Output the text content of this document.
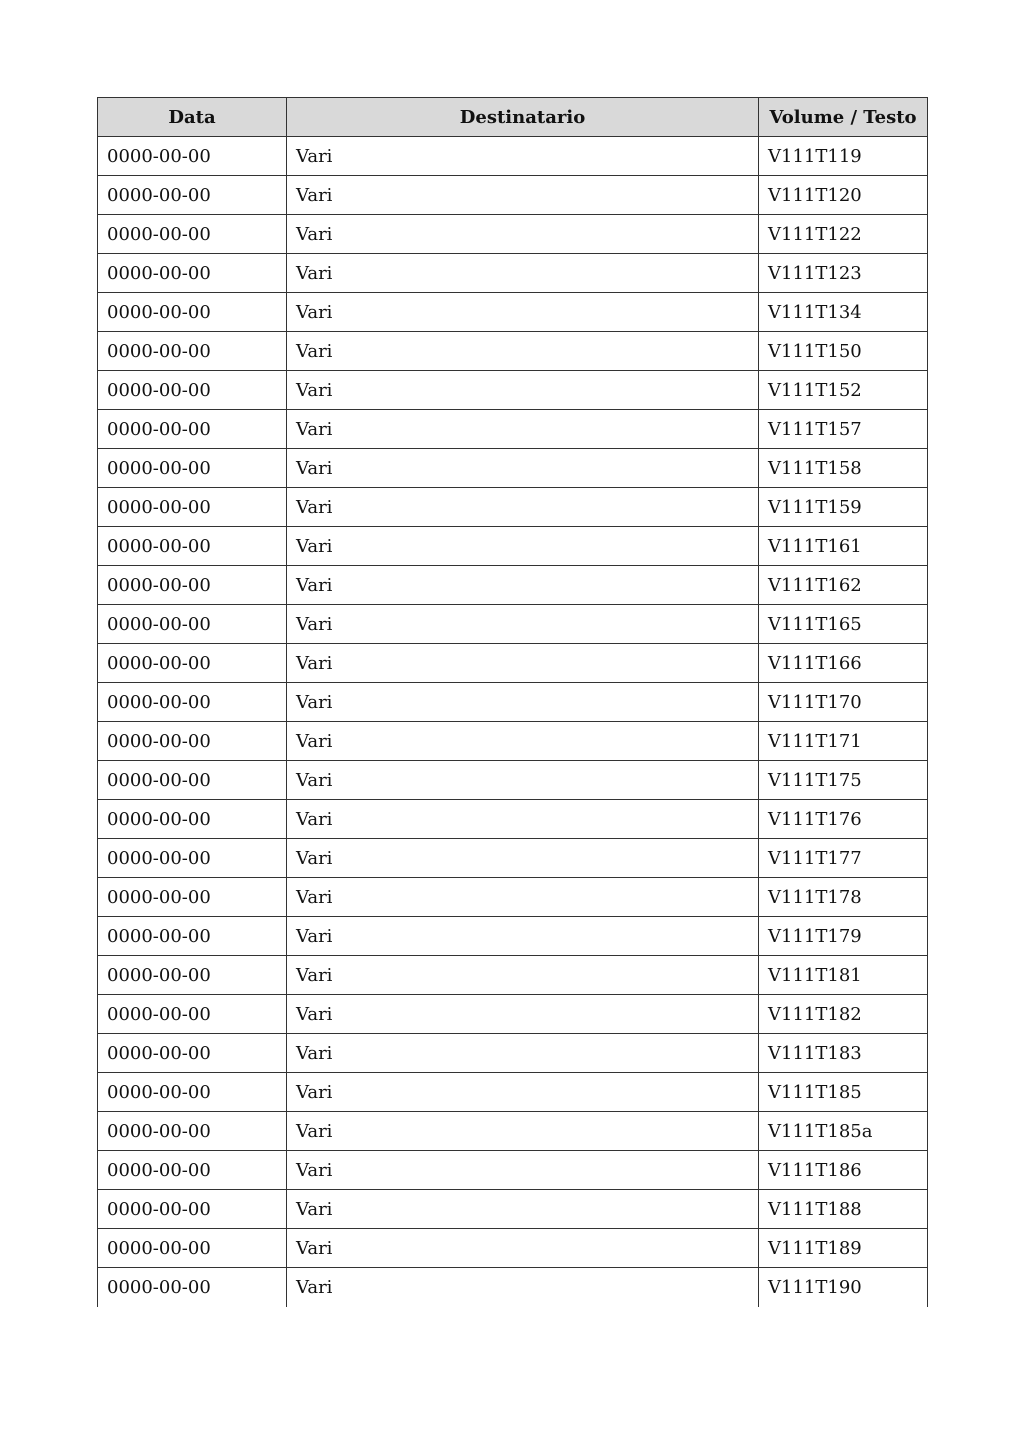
Data	Destinatario	Volume / Testo
0000-00-00	Vari	V111T119
0000-00-00	Vari	V111T120
0000-00-00	Vari	V111T122
0000-00-00	Vari	V111T123
0000-00-00	Vari	V111T134
0000-00-00	Vari	V111T150
0000-00-00	Vari	V111T152
0000-00-00	Vari	V111T157
0000-00-00	Vari	V111T158
0000-00-00	Vari	V111T159
0000-00-00	Vari	V111T161
0000-00-00	Vari	V111T162
0000-00-00	Vari	V111T165
0000-00-00	Vari	V111T166
0000-00-00	Vari	V111T170
0000-00-00	Vari	V111T171
0000-00-00	Vari	V111T175
0000-00-00	Vari	V111T176
0000-00-00	Vari	V111T177
0000-00-00	Vari	V111T178
0000-00-00	Vari	V111T179
0000-00-00	Vari	V111T181
0000-00-00	Vari	V111T182
0000-00-00	Vari	V111T183
0000-00-00	Vari	V111T185
0000-00-00	Vari	V111T185a
0000-00-00	Vari	V111T186
0000-00-00	Vari	V111T188
0000-00-00	Vari	V111T189
0000-00-00	Vari	V111T190
